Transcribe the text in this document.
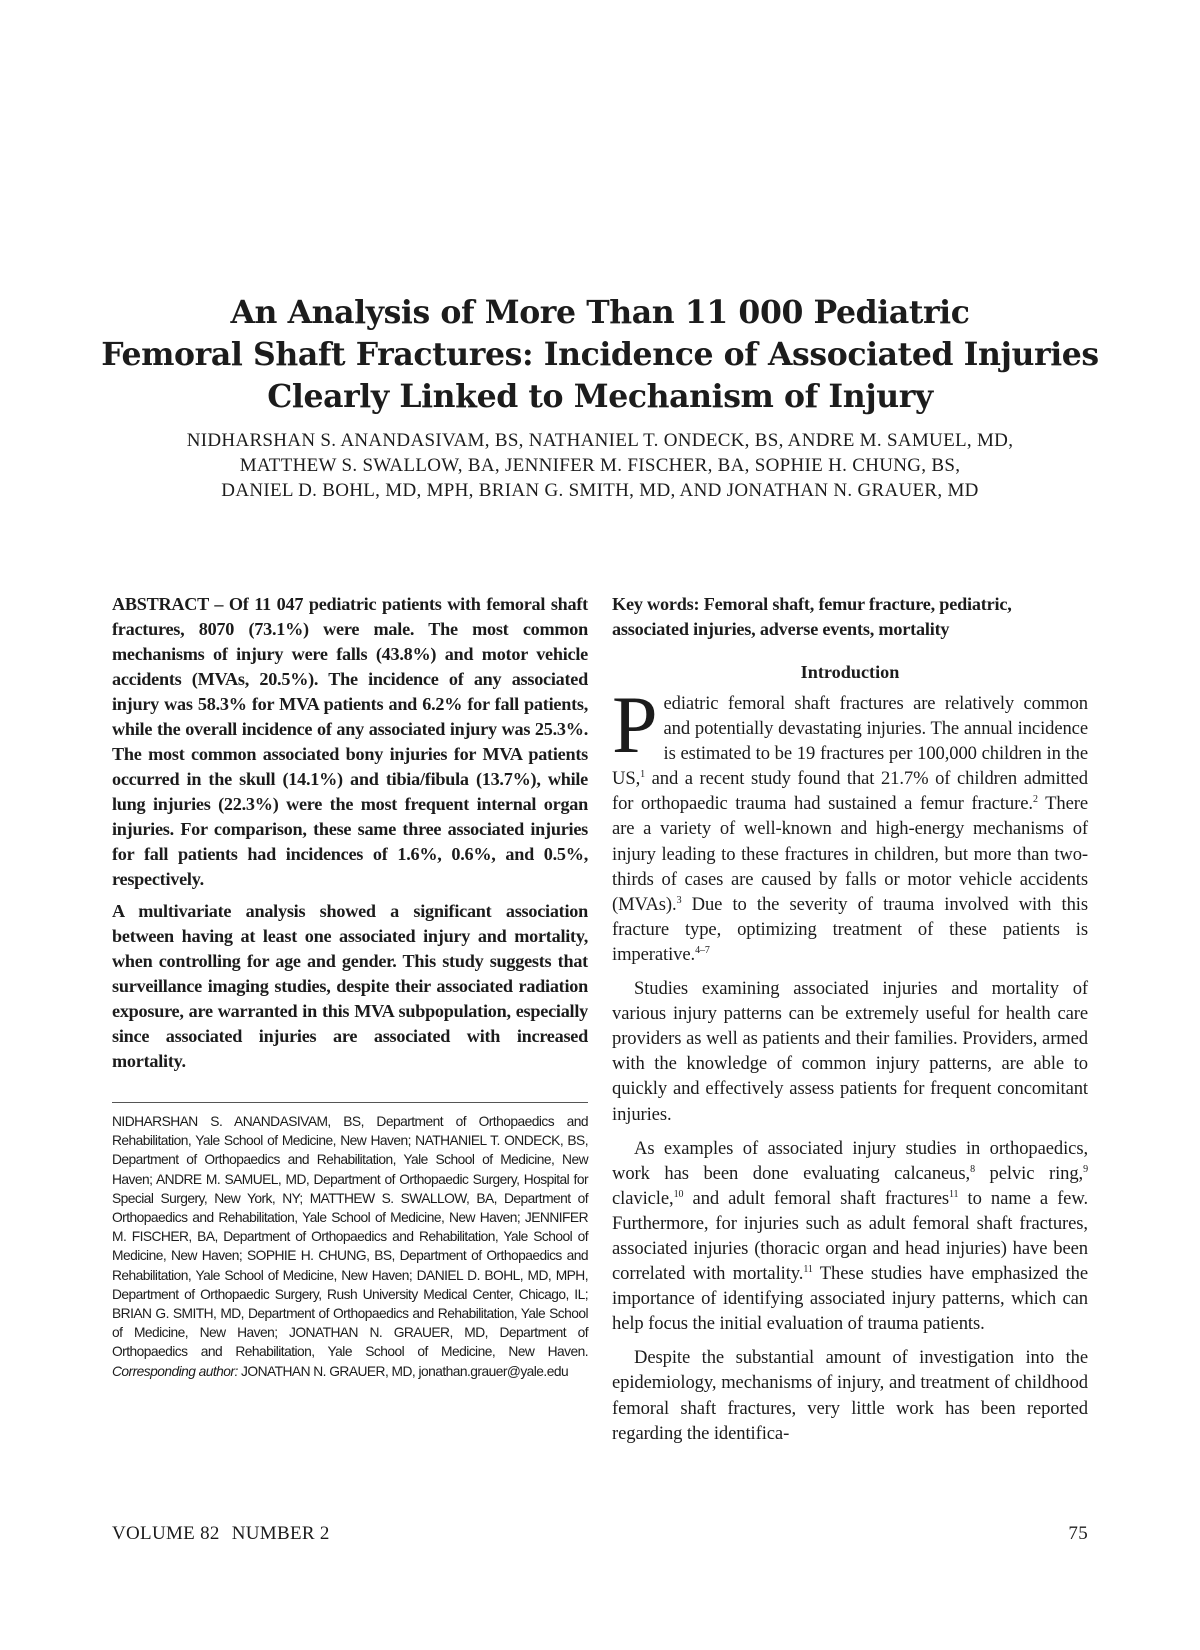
An Analysis of More Than 11 000 Pediatric
Femoral Shaft Fractures: Incidence of Associated Injuries
Clearly Linked to Mechanism of Injury

NIDHARSHAN S. ANANDASIVAM, BS, NATHANIEL T. ONDECK, BS, ANDRE M. SAMUEL, MD,
MATTHEW S. SWALLOW, BA, JENNIFER M. FISCHER, BA, SOPHIE H. CHUNG, BS,
DANIEL D. BOHL, MD, MPH, BRIAN G. SMITH, MD, AND JONATHAN N. GRAUER, MD

ABSTRACT – Of 11 047 pediatric patients with femoral shaft fractures, 8070 (73.1%) were male. The most common mechanisms of injury were falls (43.8%) and motor vehicle accidents (MVAs, 20.5%). The incidence of any associated injury was 58.3% for MVA patients and 6.2% for fall patients, while the overall incidence of any associated injury was 25.3%. The most common associated bony injuries for MVA patients occurred in the skull (14.1%) and tibia/fibula (13.7%), while lung injuries (22.3%) were the most frequent internal organ injuries. For comparison, these same three associated injuries for fall patients had incidences of 1.6%, 0.6%, and 0.5%, respectively.

A multivariate analysis showed a significant association between having at least one associated injury and mortality, when controlling for age and gender. This study suggests that surveillance imaging studies, despite their associated radiation exposure, are warranted in this MVA subpopulation, especially since associated injuries are associated with increased mortality.

NIDHARSHAN S. ANANDASIVAM, BS, Department of Orthopaedics and Rehabilitation, Yale School of Medicine, New Haven; NATHANIEL T. ONDECK, BS, Department of Orthopaedics and Rehabilitation, Yale School of Medicine, New Haven; ANDRE M. SAMUEL, MD, Department of Orthopaedic Surgery, Hospital for Special Surgery, New York, NY; MATTHEW S. SWALLOW, BA, Department of Orthopaedics and Rehabilitation, Yale School of Medicine, New Haven; JENNIFER M. FISCHER, BA, Department of Orthopaedics and Rehabilitation, Yale School of Medicine, New Haven; SOPHIE H. CHUNG, BS, Department of Orthopaedics and Rehabilitation, Yale School of Medicine, New Haven; DANIEL D. BOHL, MD, MPH, Department of Orthopaedic Surgery, Rush University Medical Center, Chicago, IL; BRIAN G. SMITH, MD, Department of Orthopaedics and Rehabilitation, Yale School of Medicine, New Haven; JONATHAN N. GRAUER, MD, Department of Orthopaedics and Rehabilitation, Yale School of Medicine, New Haven. Corresponding author: JONATHAN N. GRAUER, MD, jonathan.grauer@yale.edu

Key words: Femoral shaft, femur fracture, pediatric, associated injuries, adverse events, mortality

Introduction

Pediatric femoral shaft fractures are relatively common and potentially devastating injuries. The annual incidence is estimated to be 19 fractures per 100,000 children in the US,$^1$ and a recent study found that 21.7% of children admitted for orthopaedic trauma had sustained a femur fracture.$^2$ There are a variety of well-known and high-energy mechanisms of injury leading to these fractures in children, but more than two-thirds of cases are caused by falls or motor vehicle accidents (MVAs).$^3$ Due to the severity of trauma involved with this fracture type, optimizing treatment of these patients is imperative.$^{4-7}$

Studies examining associated injuries and mortality of various injury patterns can be extremely useful for health care providers as well as patients and their families. Providers, armed with the knowledge of common injury patterns, are able to quickly and effectively assess patients for frequent concomitant injuries.

As examples of associated injury studies in orthopaedics, work has been done evaluating calcaneus,$^8$ pelvic ring,$^9$ clavicle,$^{10}$ and adult femoral shaft fractures$^{11}$ to name a few. Furthermore, for injuries such as adult femoral shaft fractures, associated injuries (thoracic organ and head injuries) have been correlated with mortality.$^{11}$ These studies have emphasized the importance of identifying associated injury patterns, which can help focus the initial evaluation of trauma patients.

Despite the substantial amount of investigation into the epidemiology, mechanisms of injury, and treatment of childhood femoral shaft fractures, very little work has been reported regarding the identifica-

VOLUME 82 NUMBER 2	75
